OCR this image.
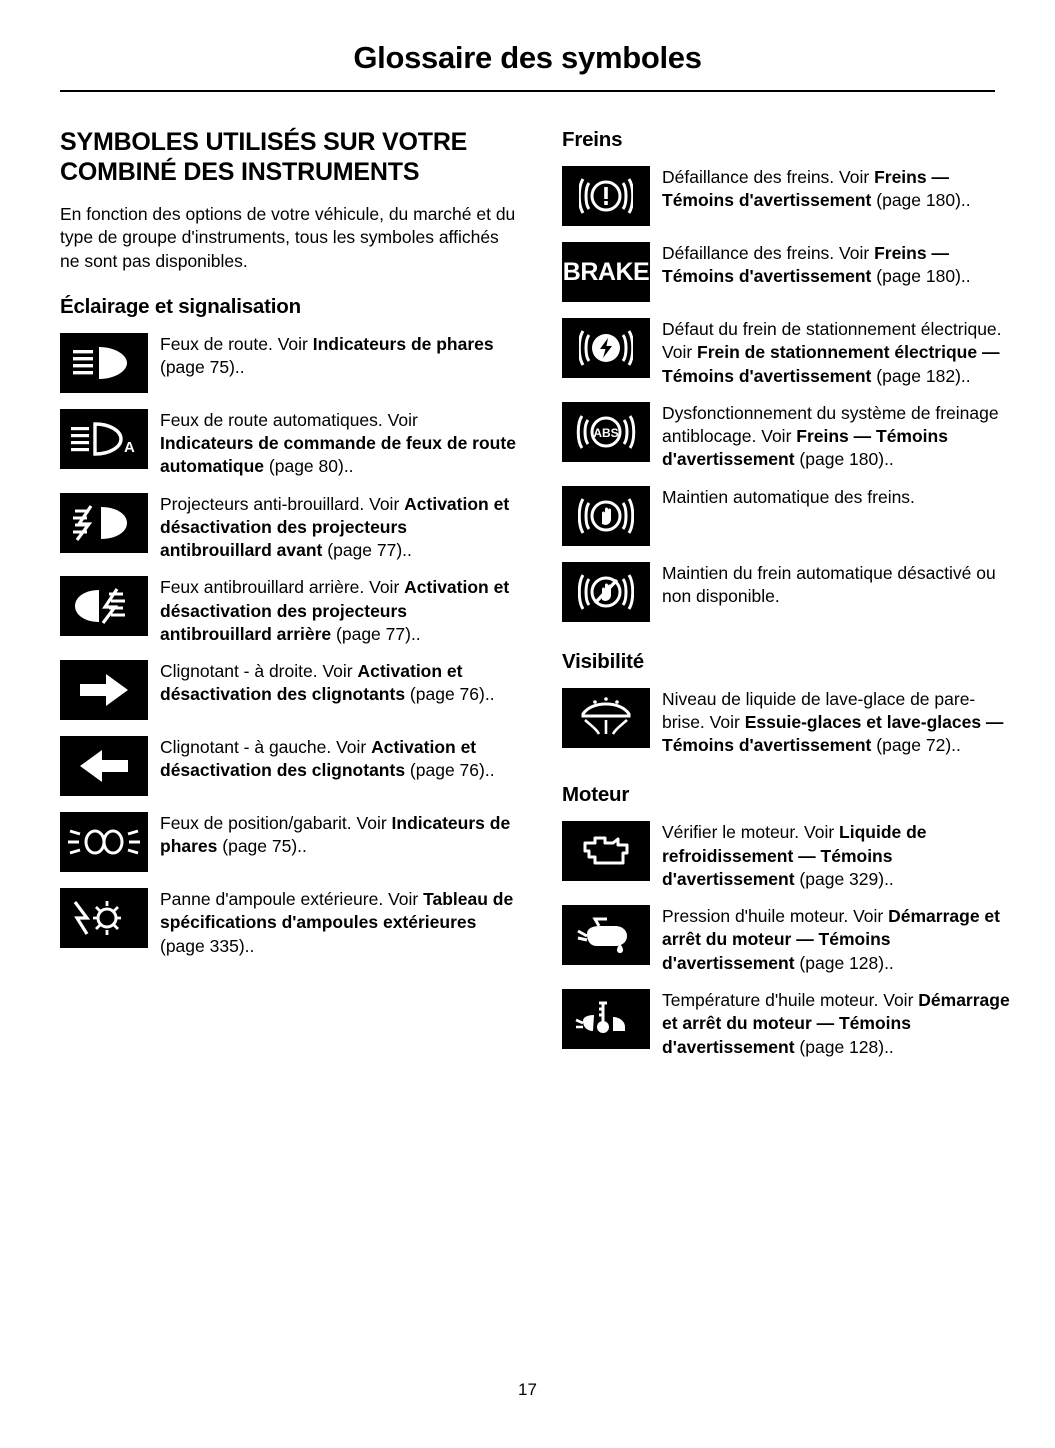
Glossaire des symboles
SYMBOLES UTILISÉS SUR VOTRE COMBINÉ DES INSTRUMENTS

En fonction des options de votre véhicule, du marché et du type de groupe d'instruments, tous les symboles affichés ne sont pas disponibles.

Éclairage et signalisation
Feux de route. Voir Indicateurs de phares (page 75)..
A
Feux de route automatiques. Voir Indicateurs de commande de feux de route automatique (page 80)..
Projecteurs anti-brouillard. Voir Activation et désactivation des projecteurs antibrouillard avant (page 77)..
Feux antibrouillard arrière. Voir Activation et désactivation des projecteurs antibrouillard arrière (page 77)..
Clignotant - à droite. Voir Activation et désactivation des clignotants (page 76)..
Clignotant - à gauche. Voir Activation et désactivation des clignotants (page 76)..
Feux de position/gabarit. Voir Indicateurs de phares (page 75)..
Panne d'ampoule extérieure. Voir Tableau de spécifications d'ampoules extérieures (page 335)..
Freins
Défaillance des freins. Voir Freins — Témoins d'avertissement (page 180)..
BRAKE
Défaillance des freins. Voir Freins — Témoins d'avertissement (page 180)..
Défaut du frein de stationnement électrique. Voir Frein de stationnement électrique — Témoins d'avertissement (page 182)..
ABS
Dysfonctionnement du système de freinage antiblocage. Voir Freins — Témoins d'avertissement (page 180)..
Maintien automatique des freins.
Maintien du frein automatique désactivé ou non disponible.
Visibilité
Niveau de liquide de lave-glace de pare-brise. Voir Essuie-glaces et lave-glaces — Témoins d'avertissement (page 72)..
Moteur
Vérifier le moteur. Voir Liquide de refroidissement — Témoins d'avertissement (page 329)..
Pression d'huile moteur. Voir Démarrage et arrêt du moteur — Témoins d'avertissement (page 128)..
Température d'huile moteur. Voir Démarrage et arrêt du moteur — Témoins d'avertissement (page 128)..
17
